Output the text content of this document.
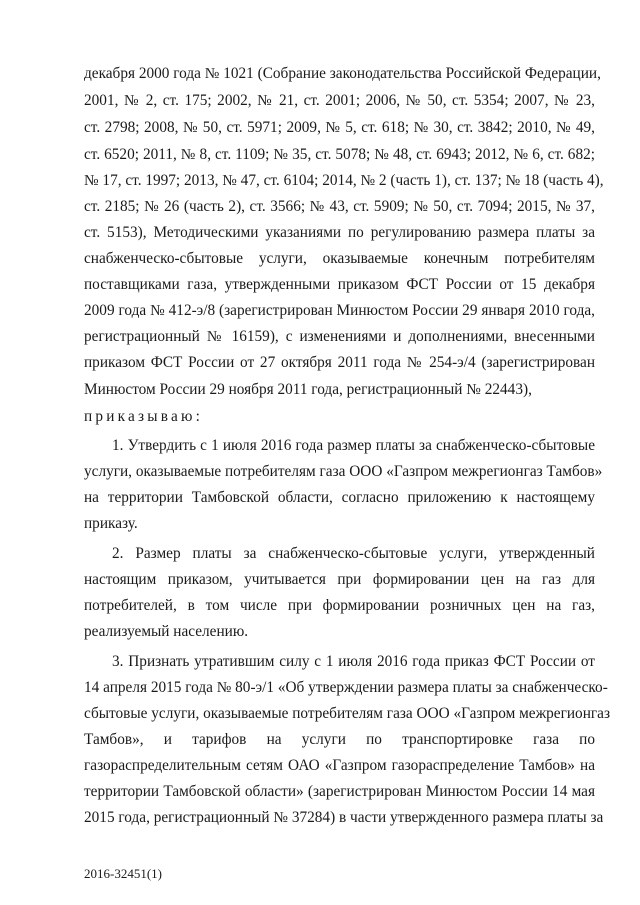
декабря 2000 года № 1021 (Собрание законодательства Российской Федерации,
2001, № 2, ст. 175; 2002, № 21, ст. 2001; 2006, № 50, ст. 5354; 2007, № 23,
ст. 2798; 2008, № 50, ст. 5971; 2009, № 5, ст. 618; № 30, ст. 3842; 2010, № 49,
ст. 6520; 2011, № 8, ст. 1109; № 35, ст. 5078; № 48, ст. 6943; 2012, № 6, ст. 682;
№ 17, ст. 1997; 2013, № 47, ст. 6104; 2014, № 2 (часть 1), ст. 137; № 18 (часть 4),
ст. 2185; № 26 (часть 2), ст. 3566; № 43, ст. 5909; № 50, ст. 7094; 2015, № 37,
ст. 5153), Методическими указаниями по регулированию размера платы за
снабженческо-сбытовые услуги, оказываемые конечным потребителям
поставщиками газа, утвержденными приказом ФСТ России от 15 декабря
2009 года № 412-э/8 (зарегистрирован Минюстом России 29 января 2010 года,
регистрационный № 16159), с изменениями и дополнениями, внесенными
приказом ФСТ России от 27 октября 2011 года № 254-э/4 (зарегистрирован
Минюстом России 29 ноября 2011 года, регистрационный № 22443),
приказываю:
1. Утвердить с 1 июля 2016 года размер платы за снабженческо-сбытовые
услуги, оказываемые потребителям газа ООО «Газпром межрегионгаз Тамбов»
на территории Тамбовской области, согласно приложению к настоящему
приказу.
2. Размер платы за снабженческо-сбытовые услуги, утвержденный
настоящим приказом, учитывается при формировании цен на газ для
потребителей, в том числе при формировании розничных цен на газ,
реализуемый населению.
3. Признать утратившим силу с 1 июля 2016 года приказ ФСТ России от
14 апреля 2015 года № 80-э/1 «Об утверждении размера платы за снабженческо-
сбытовые услуги, оказываемые потребителям газа ООО «Газпром межрегионгаз
Тамбов», и тарифов на услуги по транспортировке газа по
газораспределительным сетям ОАО «Газпром газораспределение Тамбов» на
территории Тамбовской области» (зарегистрирован Минюстом России 14 мая
2015 года, регистрационный № 37284) в части утвержденного размера платы за
2016-32451(1)
